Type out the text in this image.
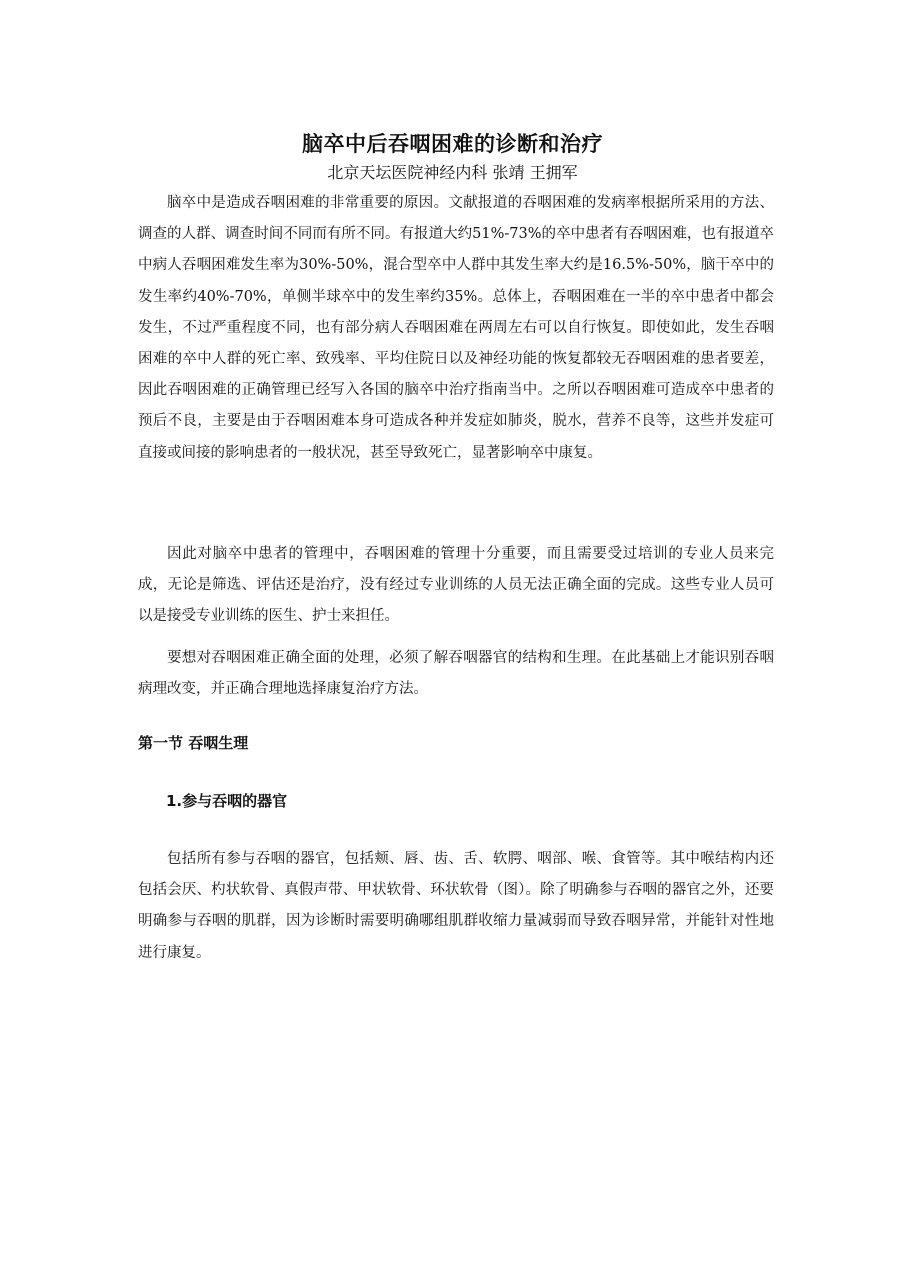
脑卒中后吞咽困难的诊断和治疗
北京天坛医院神经内科 张靖 王拥军

脑卒中是造成吞咽困难的非常重要的原因。文献报道的吞咽困难的发病率根据所采用的方法、调查的人群、调查时间不同而有所不同。有报道大约51%-73%的卒中患者有吞咽困难，也有报道卒中病人吞咽困难发生率为30%-50%，混合型卒中人群中其发生率大约是16.5%-50%，脑干卒中的发生率约40%-70%，单侧半球卒中的发生率约35%。总体上，吞咽困难在一半的卒中患者中都会发生，不过严重程度不同，也有部分病人吞咽困难在两周左右可以自行恢复。即使如此，发生吞咽困难的卒中人群的死亡率、致残率、平均住院日以及神经功能的恢复都较无吞咽困难的患者要差，因此吞咽困难的正确管理已经写入各国的脑卒中治疗指南当中。之所以吞咽困难可造成卒中患者的预后不良，主要是由于吞咽困难本身可造成各种并发症如肺炎，脱水，营养不良等，这些并发症可直接或间接的影响患者的一般状况，甚至导致死亡，显著影响卒中康复。

因此对脑卒中患者的管理中，吞咽困难的管理十分重要，而且需要受过培训的专业人员来完成，无论是筛选、评估还是治疗，没有经过专业训练的人员无法正确全面的完成。这些专业人员可以是接受专业训练的医生、护士来担任。

要想对吞咽困难正确全面的处理，必须了解吞咽器官的结构和生理。在此基础上才能识别吞咽病理改变，并正确合理地选择康复治疗方法。

第一节 吞咽生理
1.参与吞咽的器官

包括所有参与吞咽的器官，包括颊、唇、齿、舌、软腭、咽部、喉、食管等。其中喉结构内还包括会厌、杓状软骨、真假声带、甲状软骨、环状软骨（图）。除了明确参与吞咽的器官之外，还要明确参与吞咽的肌群，因为诊断时需要明确哪组肌群收缩力量减弱而导致吞咽异常，并能针对性地进行康复。
